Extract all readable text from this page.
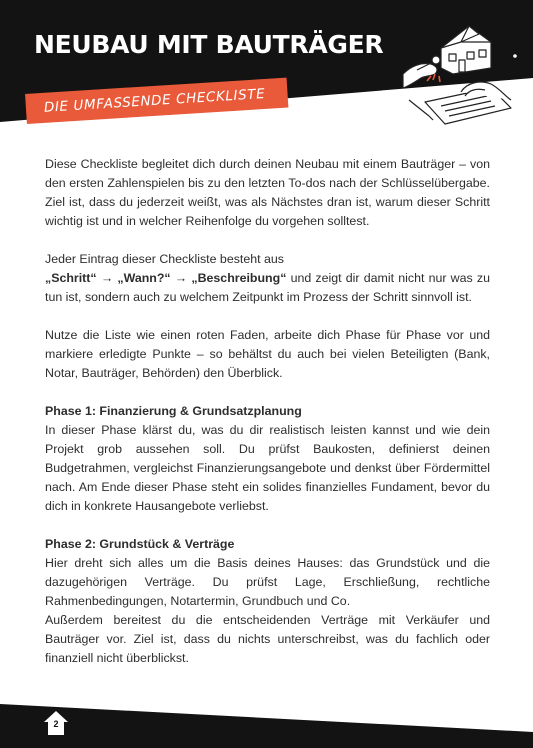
NEUBAU MIT BAUTRÄGER
DIE UMFASSENDE CHECKLISTE

Diese Checkliste begleitet dich durch deinen Neubau mit einem Bauträger – von den ersten Zahlenspielen bis zu den letzten To-dos nach der Schlüsselübergabe. Ziel ist, dass du jederzeit weißt, was als Nächstes dran ist, warum dieser Schritt wichtig ist und in welcher Reihenfolge du vorgehen solltest.

Jeder Eintrag dieser Checkliste besteht aus
„Schritt“ → „Wann?“ → „Beschreibung“ und zeigt dir damit nicht nur was zu tun ist, sondern auch zu welchem Zeitpunkt im Prozess der Schritt sinnvoll ist.

Nutze die Liste wie einen roten Faden, arbeite dich Phase für Phase vor und markiere erledigte Punkte – so behältst du auch bei vielen Beteiligten (Bank, Notar, Bauträger, Behörden) den Überblick.

Phase 1: Finanzierung & Grundsatzplanung

In dieser Phase klärst du, was du dir realistisch leisten kannst und wie dein Projekt grob aussehen soll. Du prüfst Baukosten, definierst deinen Budgetrahmen, vergleichst Finanzierungsangebote und denkst über Fördermittel nach. Am Ende dieser Phase steht ein solides finanzielles Fundament, bevor du dich in konkrete Hausangebote verliebst.

Phase 2: Grundstück & Verträge

Hier dreht sich alles um die Basis deines Hauses: das Grundstück und die dazugehörigen Verträge. Du prüfst Lage, Erschließung, rechtliche Rahmenbedingungen, Notartermin, Grundbuch und Co.

Außerdem bereitest du die entscheidenden Verträge mit Verkäufer und Bauträger vor. Ziel ist, dass du nichts unterschreibst, was du fachlich oder finanziell nicht überblickst.

2
